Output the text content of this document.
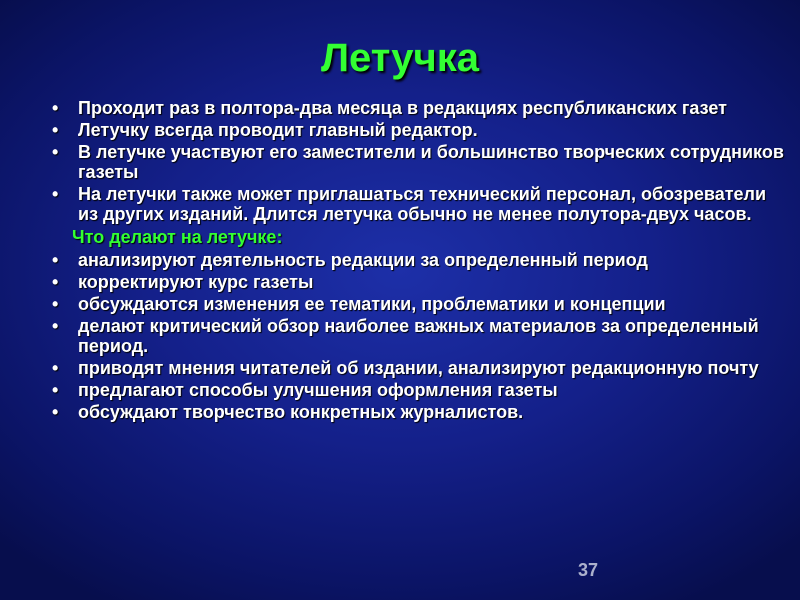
Летучка
• Проходит раз в полтора-два месяца в редакциях республиканских газет
• Летучку всегда проводит главный редактор.
• В летучке участвуют его заместители и большинство творческих сотрудников газеты
• На летучки также может приглашаться технический персонал, обозреватели из других изданий. Длится летучка обычно не менее полутора-двух часов.
Что делают на летучке:
• анализируют деятельность редакции за определенный период
• корректируют курс газеты
• обсуждаются изменения ее тематики, проблематики и концепции
• делают критический обзор наиболее важных материалов за определенный период.
• приводят мнения читателей об издании, анализируют редакционную почту
• предлагают способы улучшения оформления газеты
• обсуждают творчество конкретных журналистов.
37
